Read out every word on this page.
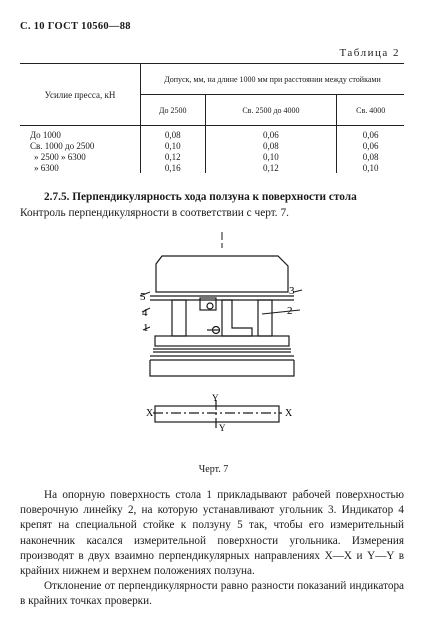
С. 10 ГОСТ 10560—88
Таблица 2
Усилие пресса, кН	Допуск, мм, на длине 1000 мм при расстоянии между стойками		
	До 2500	Св. 2500 до 4000	Св. 4000
До 1000	0,08	0,06	0,06
Св. 1000 до 2500	0,10	0,08	0,06
» 2500 » 6300	0,12	0,10	0,08
» 6300	0,16	0,12	0,10
2.7.5. Перпендикулярность хода ползуна к поверхности стола
Контроль перпендикулярности в соответствии с черт. 7.
5
4
1
3
2
X	X
Y
Y
Черт. 7

На опорную поверхность стола 1 прикладывают рабочей поверхностью поверочную линейку 2, на которую устанавливают угольник 3. Индикатор 4 крепят на специальной стойке к ползуну 5 так, чтобы его измерительный наконечник касался измерительной поверхности угольника. Измерения производят в двух взаимно перпендикулярных направлениях X—X и Y—Y в крайних нижнем и верхнем положениях ползуна.

Отклонение от перпендикулярности равно разности показаний индикатора в крайних точках проверки.
